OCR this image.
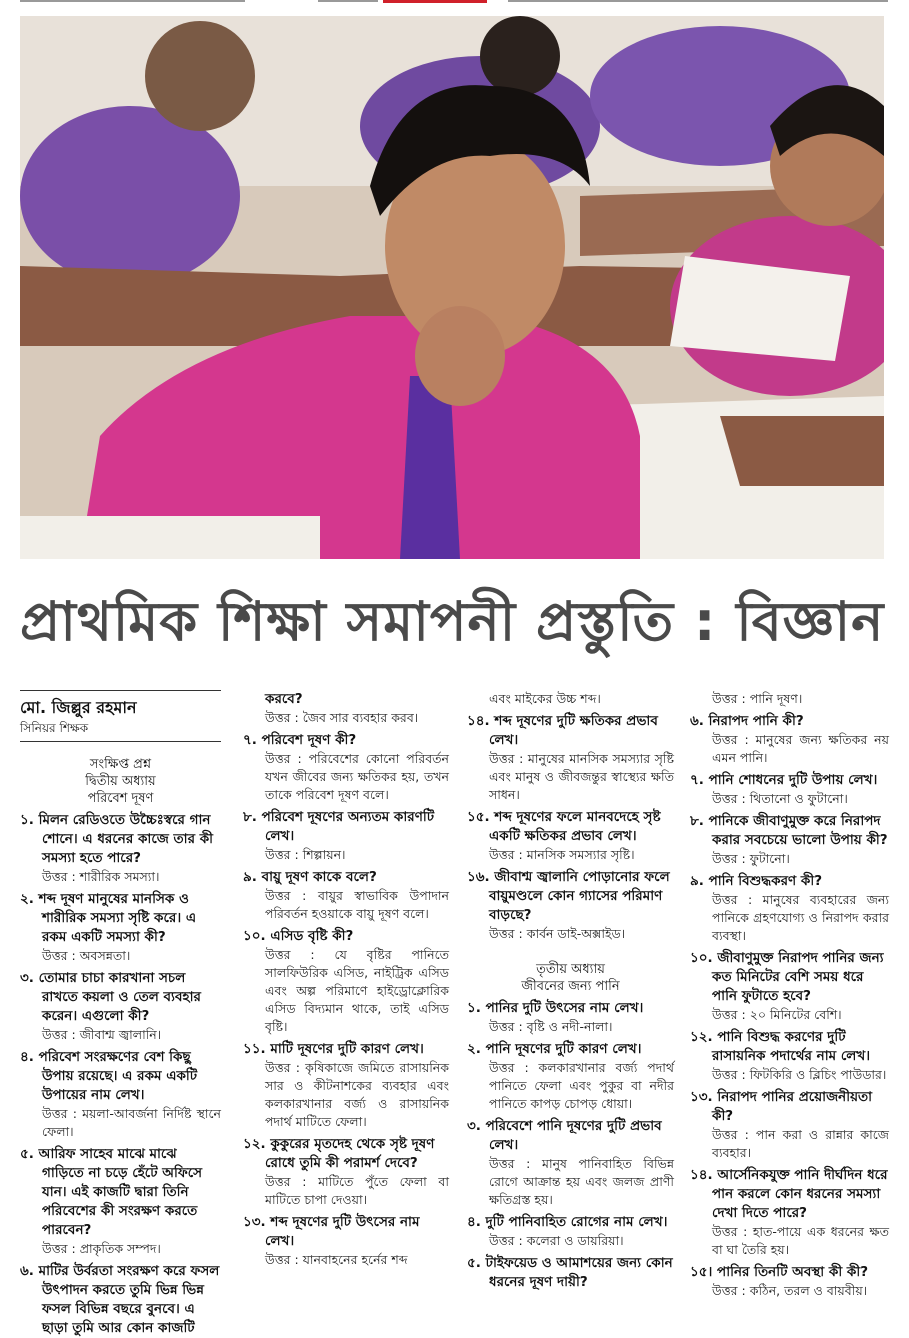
প্রাথমিক শিক্ষা সমাপনী প্রস্তুতি : বিজ্ঞান
মো. জিল্লুর রহমান
সিনিয়র শিক্ষক
সংক্ষিপ্ত প্রশ্ন
দ্বিতীয় অধ্যায়
পরিবেশ দূষণ

১. মিলন রেডিওতে উচ্চৈঃস্বরে গান শোনে। এ ধরনের কাজে তার কী সমস্যা হতে পারে?

উত্তর : শারীরিক সমস্যা।

২. শব্দ দূষণ মানুষের মানসিক ও শারীরিক সমস্যা সৃষ্টি করে। এ রকম একটি সমস্যা কী?

উত্তর : অবসন্নতা।

৩. তোমার চাচা কারখানা সচল রাখতে কয়লা ও তেল ব্যবহার করেন। এগুলো কী?

উত্তর : জীবাশ্ম জ্বালানি।

৪. পরিবেশ সংরক্ষণের বেশ কিছু উপায় রয়েছে। এ রকম একটি উপায়ের নাম লেখ।

উত্তর : ময়লা-আবর্জনা নির্দিষ্ট স্থানে ফেলা।

৫. আরিফ সাহেব মাঝে মাঝে গাড়িতে না চড়ে হেঁটে অফিসে যান। এই কাজটি দ্বারা তিনি পরিবেশের কী সংরক্ষণ করতে পারবেন?

উত্তর : প্রাকৃতিক সম্পদ।

৬. মাটির উর্বরতা সংরক্ষণ করে ফসল উৎপাদন করতে তুমি ভিন্ন ভিন্ন ফসল বিভিন্ন বছরে বুনবে। এ ছাড়া তুমি আর কোন কাজটি

করবে?

উত্তর : জৈব সার ব্যবহার করব।

৭. পরিবেশ দূষণ কী?

উত্তর : পরিবেশের কোনো পরিবর্তন যখন জীবের জন্য ক্ষতিকর হয়, তখন তাকে পরিবেশ দূষণ বলে।

৮. পরিবেশ দূষণের অন্যতম কারণটি লেখ।

উত্তর : শিল্পায়ন।

৯. বায়ু দূষণ কাকে বলে?

উত্তর : বায়ুর স্বাভাবিক উপাদান পরিবর্তন হওয়াকে বায়ু দূষণ বলে।

১০. এসিড বৃষ্টি কী?

উত্তর : যে বৃষ্টির পানিতে সালফিউরিক এসিড, নাইট্রিক এসিড এবং অল্প পরিমাণে হাইড্রোক্লোরিক এসিড বিদ্যমান থাকে, তাই এসিড বৃষ্টি।

১১. মাটি দূষণের দুটি কারণ লেখ।

উত্তর : কৃষিকাজে জমিতে রাসায়নিক সার ও কীটনাশকের ব্যবহার এবং কলকারখানার বর্জ্য ও রাসায়নিক পদার্থ মাটিতে ফেলা।

১২. কুকুরের মৃতদেহ থেকে সৃষ্ট দূষণ রোধে তুমি কী পরামর্শ দেবে?

উত্তর : মাটিতে পুঁতে ফেলা বা মাটিতে চাপা দেওয়া।

১৩. শব্দ দূষণের দুটি উৎসের নাম লেখ।

উত্তর : যানবাহনের হর্নের শব্দ

এবং মাইকের উচ্চ শব্দ।

১৪. শব্দ দূষণের দুটি ক্ষতিকর প্রভাব লেখ।

উত্তর : মানুষের মানসিক সমস্যার সৃষ্টি এবং মানুষ ও জীবজন্তুর স্বাস্থ্যের ক্ষতি সাধন।

১৫. শব্দ দূষণের ফলে মানবদেহে সৃষ্ট একটি ক্ষতিকর প্রভাব লেখ।

উত্তর : মানসিক সমস্যার সৃষ্টি।

১৬. জীবাশ্ম জ্বালানি পোড়ানোর ফলে বায়ুমণ্ডলে কোন গ্যাসের পরিমাণ বাড়ছে?

উত্তর : কার্বন ডাই-অক্সাইড।

তৃতীয় অধ্যায়
জীবনের জন্য পানি

১. পানির দুটি উৎসের নাম লেখ।

উত্তর : বৃষ্টি ও নদী-নালা।

২. পানি দূষণের দুটি কারণ লেখ।

উত্তর : কলকারখানার বর্জ্য পদার্থ পানিতে ফেলা এবং পুকুর বা নদীর পানিতে কাপড় চোপড় ধোয়া।

৩. পরিবেশে পানি দূষণের দুটি প্রভাব লেখ।

উত্তর : মানুষ পানিবাহিত বিভিন্ন রোগে আক্রান্ত হয় এবং জলজ প্রাণী ক্ষতিগ্রস্ত হয়।

৪. দুটি পানিবাহিত রোগের নাম লেখ।

উত্তর : কলেরা ও ডায়রিয়া।

৫. টাইফয়েড ও আমাশয়ের জন্য কোন ধরনের দূষণ দায়ী?

উত্তর : পানি দূষণ।

৬. নিরাপদ পানি কী?

উত্তর : মানুষের জন্য ক্ষতিকর নয় এমন পানি।

৭. পানি শোধনের দুটি উপায় লেখ।

উত্তর : থিতানো ও ফুটানো।

৮. পানিকে জীবাণুমুক্ত করে নিরাপদ করার সবচেয়ে ভালো উপায় কী?

উত্তর : ফুটানো।

৯. পানি বিশুদ্ধকরণ কী?

উত্তর : মানুষের ব্যবহারের জন্য পানিকে গ্রহণযোগ্য ও নিরাপদ করার ব্যবস্থা।

১০. জীবাণুমুক্ত নিরাপদ পানির জন্য কত মিনিটের বেশি সময় ধরে পানি ফুটাতে হবে?

উত্তর : ২০ মিনিটের বেশি।

১২. পানি বিশুদ্ধ করণের দুটি রাসায়নিক পদার্থের নাম লেখ।

উত্তর : ফিটকিরি ও ব্লিচিং পাউডার।

১৩. নিরাপদ পানির প্রয়োজনীয়তা কী?

উত্তর : পান করা ও রান্নার কাজে ব্যবহার।

১৪. আর্সেনিকযুক্ত পানি দীর্ঘদিন ধরে পান করলে কোন ধরনের সমস্যা দেখা দিতে পারে?

উত্তর : হাত-পায়ে এক ধরনের ক্ষত বা ঘা তৈরি হয়।

১৫। পানির তিনটি অবস্থা কী কী?

উত্তর : কঠিন, তরল ও বায়বীয়।
